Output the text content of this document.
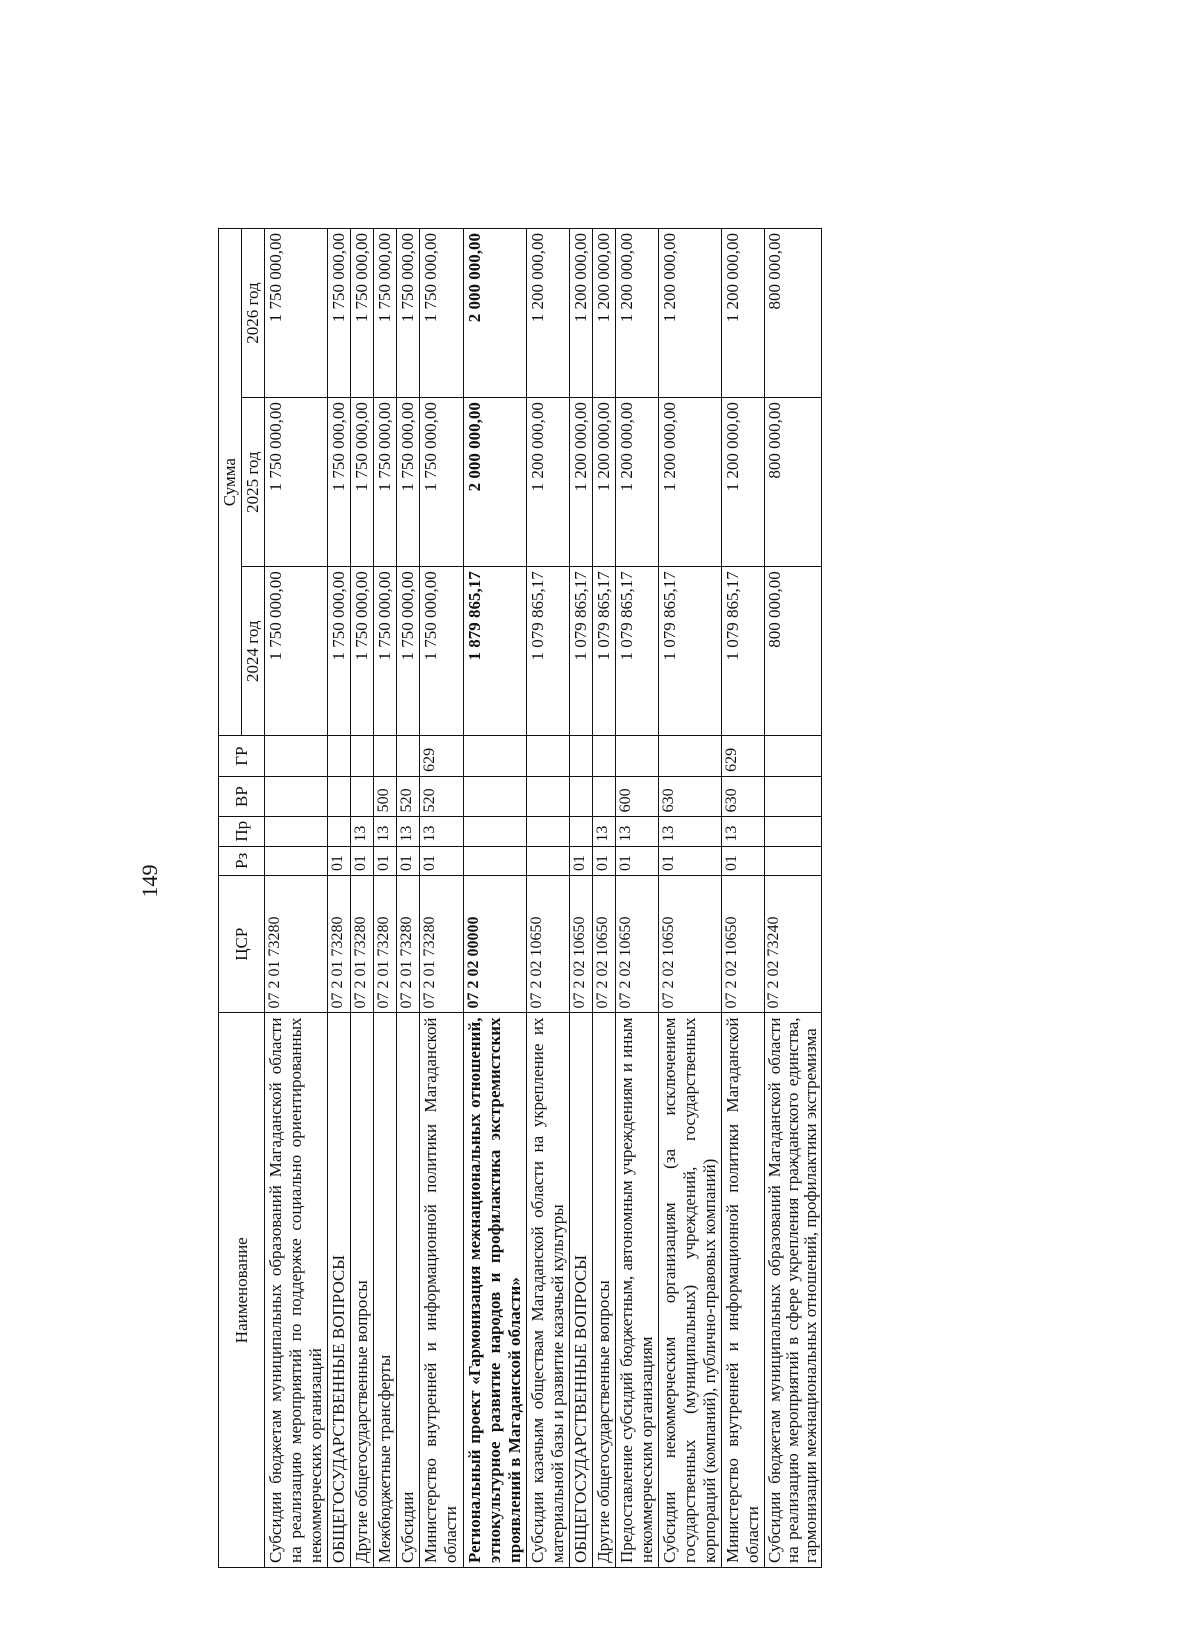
149
Наименование	ЦСР	Рз	Пр	ВР	ГР	Сумма		
						2024 год	2025 год	2026 год
Субсидии бюджетам муниципальных образований Магаданской области на реализацию мероприятий по поддержке социально ориентированных некоммерческих организаций	07 2 01 73280					1 750 000,00	1 750 000,00	1 750 000,00
ОБЩЕГОСУДАРСТВЕННЫЕ ВОПРОСЫ	07 2 01 73280	01				1 750 000,00	1 750 000,00	1 750 000,00
Другие общегосударственные вопросы	07 2 01 73280	01	13			1 750 000,00	1 750 000,00	1 750 000,00
Межбюджетные трансферты	07 2 01 73280	01	13	500		1 750 000,00	1 750 000,00	1 750 000,00
Субсидии	07 2 01 73280	01	13	520		1 750 000,00	1 750 000,00	1 750 000,00
Министерство внутренней и информационной политики Магаданской области	07 2 01 73280	01	13	520	629	1 750 000,00	1 750 000,00	1 750 000,00
Региональный проект «Гармонизация межнациональных отношений, этнокультурное развитие народов и профилактика экстремистских проявлений в Магаданской области»	07 2 02 00000					1 879 865,17	2 000 000,00	2 000 000,00
Субсидии казачьим обществам Магаданской области на укрепление их материальной базы и развитие казачьей культуры	07 2 02 10650					1 079 865,17	1 200 000,00	1 200 000,00
ОБЩЕГОСУДАРСТВЕННЫЕ ВОПРОСЫ	07 2 02 10650	01				1 079 865,17	1 200 000,00	1 200 000,00
Другие общегосударственные вопросы	07 2 02 10650	01	13			1 079 865,17	1 200 000,00	1 200 000,00
Предоставление субсидий бюджетным, автономным учреждениям и иным некоммерческим организациям	07 2 02 10650	01	13	600		1 079 865,17	1 200 000,00	1 200 000,00
Субсидии некоммерческим организациям (за исключением государственных (муниципальных) учреждений, государственных корпораций (компаний), публично-правовых компаний)	07 2 02 10650	01	13	630		1 079 865,17	1 200 000,00	1 200 000,00
Министерство внутренней и информационной политики Магаданской области	07 2 02 10650	01	13	630	629	1 079 865,17	1 200 000,00	1 200 000,00
Субсидии бюджетам муниципальных образований Магаданской области на реализацию мероприятий в сфере укрепления гражданского единства, гармонизации межнациональных отношений, профилактики экстремизма	07 2 02 73240					800 000,00	800 000,00	800 000,00
